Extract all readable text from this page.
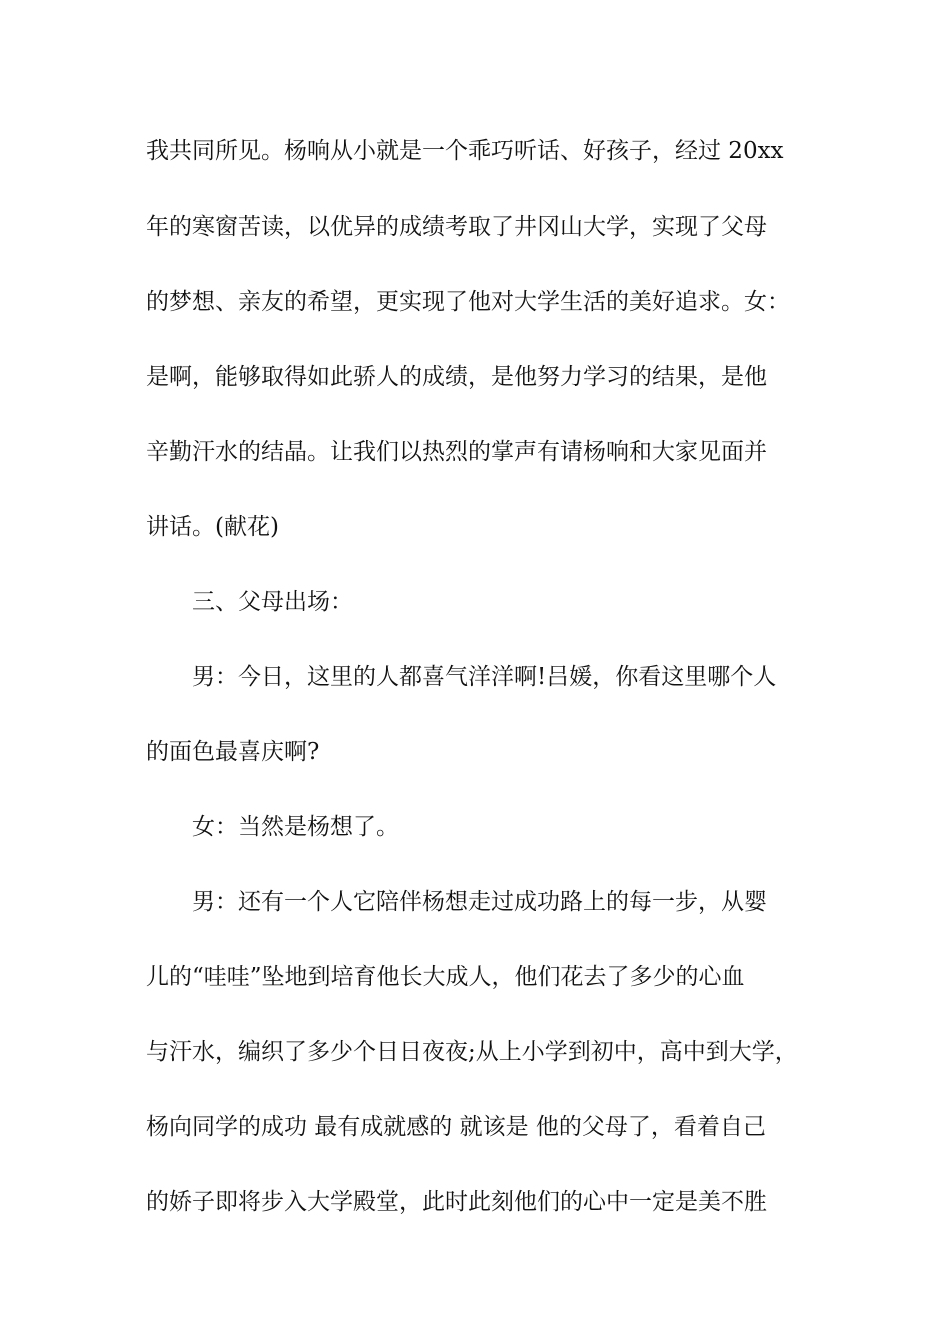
我共同所见。杨响从小就是一个乖巧听话、好孩子，经过 20xx
年的寒窗苦读，以优异的成绩考取了井冈山大学，实现了父母
的梦想、亲友的希望，更实现了他对大学生活的美好追求。女：
是啊，能够取得如此骄人的成绩，是他努力学习的结果，是他
辛勤汗水的结晶。让我们以热烈的掌声有请杨响和大家见面并
讲话。(献花)
三、父母出场：
男：今日，这里的人都喜气洋洋啊!吕媛，你看这里哪个人
的面色最喜庆啊?
女：当然是杨想了。
男：还有一个人它陪伴杨想走过成功路上的每一步，从婴
儿的“哇哇”坠地到培育他长大成人，他们花去了多少的心血
与汗水，编织了多少个日日夜夜;从上小学到初中，高中到大学，
杨向同学的成功 最有成就感的 就该是 他的父母了，看着自己
的娇子即将步入大学殿堂，此时此刻他们的心中一定是美不胜
